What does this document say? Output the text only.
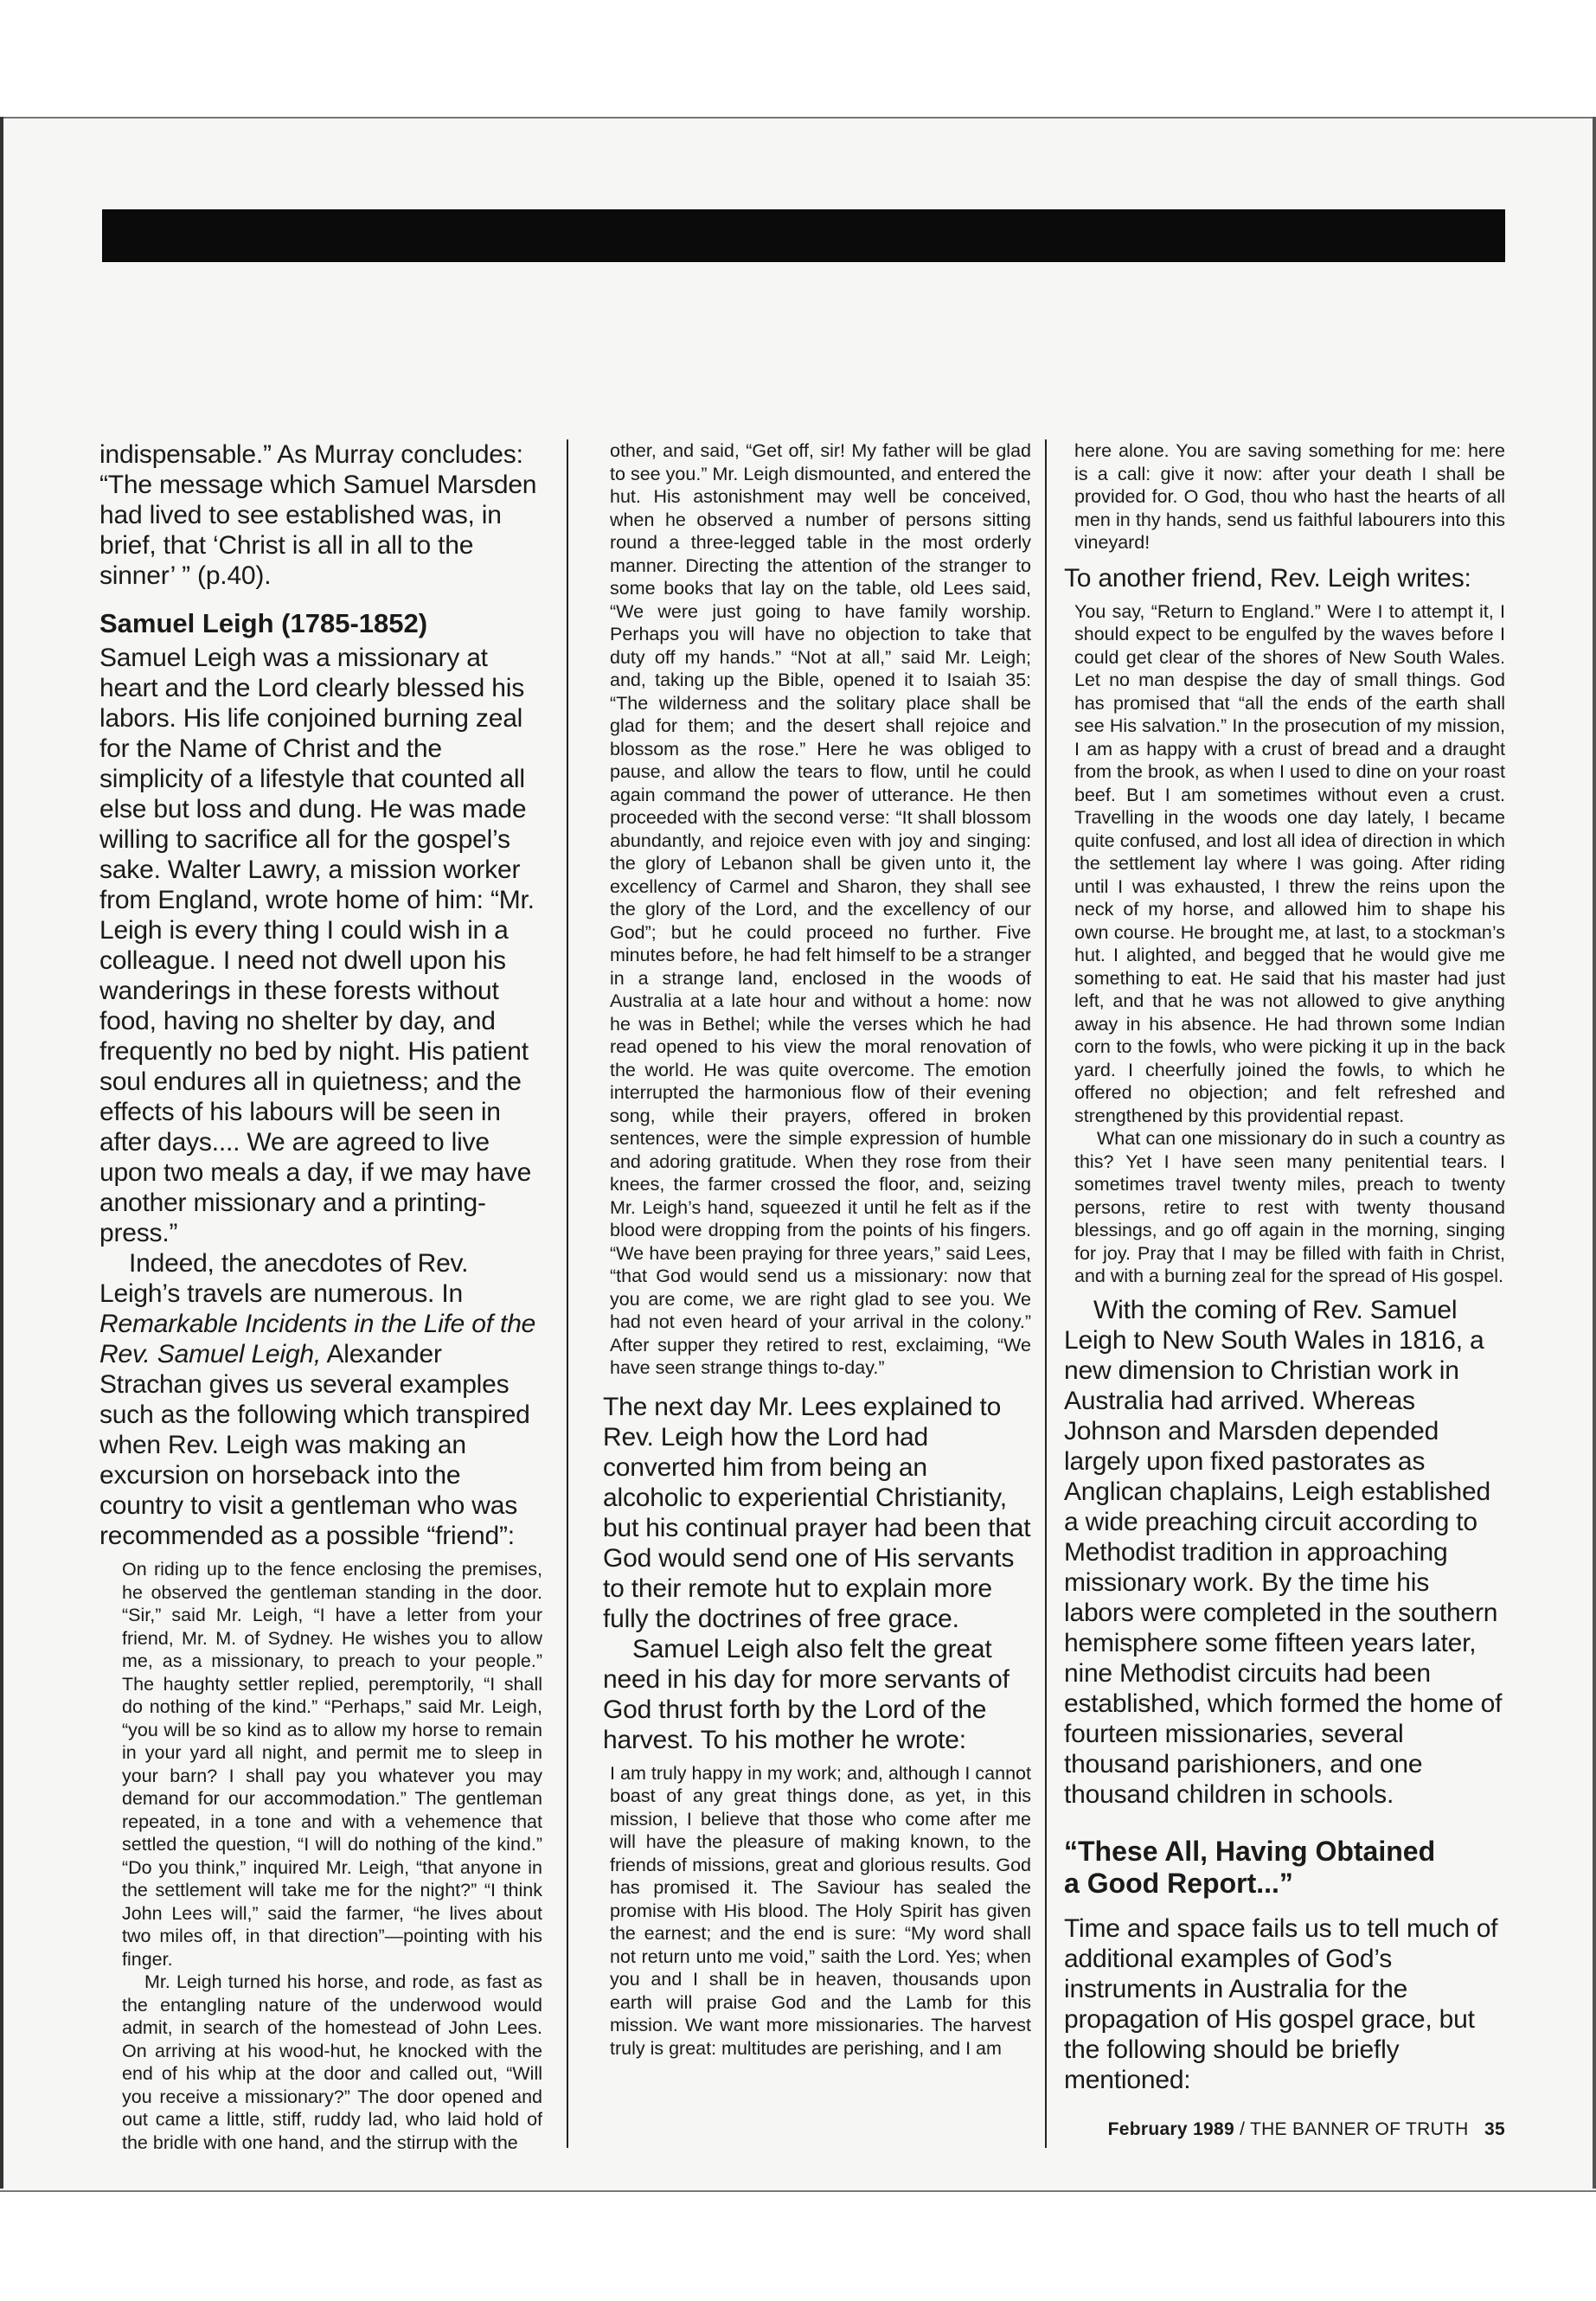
indispensable.” As Murray concludes: “The message which Samuel Marsden had lived to see established was, in brief, that ‘Christ is all in all to the sinner’ ” (p.40).

Samuel Leigh (1785-1852)

Samuel Leigh was a missionary at heart and the Lord clearly blessed his labors. His life conjoined burning zeal for the Name of Christ and the simplicity of a lifestyle that counted all else but loss and dung. He was made willing to sacrifice all for the gospel’s sake. Walter Lawry, a mission worker from England, wrote home of him: “Mr. Leigh is every thing I could wish in a colleague. I need not dwell upon his wanderings in these forests without food, having no shelter by day, and frequently no bed by night. His patient soul endures all in quietness; and the effects of his labours will be seen in after days.... We are agreed to live upon two meals a day, if we may have another missionary and a printing-press.”

Indeed, the anecdotes of Rev. Leigh’s travels are numerous. In Remarkable Incidents in the Life of the Rev. Samuel Leigh, Alexander Strachan gives us several examples such as the following which transpired when Rev. Leigh was making an excursion on horseback into the country to visit a gentleman who was recommended as a possible “friend”:

On riding up to the fence enclosing the premises, he observed the gentleman standing in the door. “Sir,” said Mr. Leigh, “I have a letter from your friend, Mr. M. of Sydney. He wishes you to allow me, as a missionary, to preach to your people.” The haughty settler replied, peremptorily, “I shall do nothing of the kind.” “Perhaps,” said Mr. Leigh, “you will be so kind as to allow my horse to remain in your yard all night, and permit me to sleep in your barn? I shall pay you whatever you may demand for our accommodation.” The gentleman repeated, in a tone and with a vehemence that settled the question, “I will do nothing of the kind.” “Do you think,” inquired Mr. Leigh, “that anyone in the settlement will take me for the night?” “I think John Lees will,” said the farmer, “he lives about two miles off, in that direction”—pointing with his finger.

Mr. Leigh turned his horse, and rode, as fast as the entangling nature of the underwood would admit, in search of the homestead of John Lees. On arriving at his wood-hut, he knocked with the end of his whip at the door and called out, “Will you receive a missionary?” The door opened and out came a little, stiff, ruddy lad, who laid hold of the bridle with one hand, and the stirrup with the

other, and said, “Get off, sir! My father will be glad to see you.” Mr. Leigh dismounted, and entered the hut. His astonishment may well be conceived, when he observed a number of persons sitting round a three-legged table in the most orderly manner. Directing the attention of the stranger to some books that lay on the table, old Lees said, “We were just going to have family worship. Perhaps you will have no objection to take that duty off my hands.” “Not at all,” said Mr. Leigh; and, taking up the Bible, opened it to Isaiah 35: “The wilderness and the solitary place shall be glad for them; and the desert shall rejoice and blossom as the rose.” Here he was obliged to pause, and allow the tears to flow, until he could again command the power of utterance. He then proceeded with the second verse: “It shall blossom abundantly, and rejoice even with joy and singing: the glory of Lebanon shall be given unto it, the excellency of Carmel and Sharon, they shall see the glory of the Lord, and the excellency of our God”; but he could proceed no further. Five minutes before, he had felt himself to be a stranger in a strange land, enclosed in the woods of Australia at a late hour and without a home: now he was in Bethel; while the verses which he had read opened to his view the moral renovation of the world. He was quite overcome. The emotion interrupted the harmonious flow of their evening song, while their prayers, offered in broken sentences, were the simple expression of humble and adoring gratitude. When they rose from their knees, the farmer crossed the floor, and, seizing Mr. Leigh’s hand, squeezed it until he felt as if the blood were dropping from the points of his fingers. “We have been praying for three years,” said Lees, “that God would send us a missionary: now that you are come, we are right glad to see you. We had not even heard of your arrival in the colony.” After supper they retired to rest, exclaiming, “We have seen strange things to-day.”

The next day Mr. Lees explained to Rev. Leigh how the Lord had converted him from being an alcoholic to experiential Christianity, but his continual prayer had been that God would send one of His servants to their remote hut to explain more fully the doctrines of free grace.

Samuel Leigh also felt the great need in his day for more servants of God thrust forth by the Lord of the harvest. To his mother he wrote:

I am truly happy in my work; and, although I cannot boast of any great things done, as yet, in this mission, I believe that those who come after me will have the pleasure of making known, to the friends of missions, great and glorious results. God has promised it. The Saviour has sealed the promise with His blood. The Holy Spirit has given the earnest; and the end is sure: “My word shall not return unto me void,” saith the Lord. Yes; when you and I shall be in heaven, thousands upon earth will praise God and the Lamb for this mission. We want more missionaries. The harvest truly is great: multitudes are perishing, and I am

here alone. You are saving something for me: here is a call: give it now: after your death I shall be provided for. O God, thou who hast the hearts of all men in thy hands, send us faithful labourers into this vineyard!

To another friend, Rev. Leigh writes:

You say, “Return to England.” Were I to attempt it, I should expect to be engulfed by the waves before I could get clear of the shores of New South Wales. Let no man despise the day of small things. God has promised that “all the ends of the earth shall see His salvation.” In the prosecution of my mission, I am as happy with a crust of bread and a draught from the brook, as when I used to dine on your roast beef. But I am sometimes without even a crust. Travelling in the woods one day lately, I became quite confused, and lost all idea of direction in which the settlement lay where I was going. After riding until I was exhausted, I threw the reins upon the neck of my horse, and allowed him to shape his own course. He brought me, at last, to a stockman’s hut. I alighted, and begged that he would give me something to eat. He said that his master had just left, and that he was not allowed to give anything away in his absence. He had thrown some Indian corn to the fowls, who were picking it up in the back yard. I cheerfully joined the fowls, to which he offered no objection; and felt refreshed and strengthened by this providential repast.

What can one missionary do in such a country as this? Yet I have seen many penitential tears. I sometimes travel twenty miles, preach to twenty persons, retire to rest with twenty thousand blessings, and go off again in the morning, singing for joy. Pray that I may be filled with faith in Christ, and with a burning zeal for the spread of His gospel.

With the coming of Rev. Samuel Leigh to New South Wales in 1816, a new dimension to Christian work in Australia had arrived. Whereas Johnson and Marsden depended largely upon fixed pastorates as Anglican chaplains, Leigh established a wide preaching circuit according to Methodist tradition in approaching missionary work. By the time his labors were completed in the southern hemisphere some fifteen years later, nine Methodist circuits had been established, which formed the home of fourteen missionaries, several thousand parishioners, and one thousand children in schools.

“These All, Having Obtained
a Good Report...”

Time and space fails us to tell much of additional examples of God’s instruments in Australia for the propagation of His gospel grace, but the following should be briefly mentioned:

February 1989 / THE BANNER OF TRUTH 35
